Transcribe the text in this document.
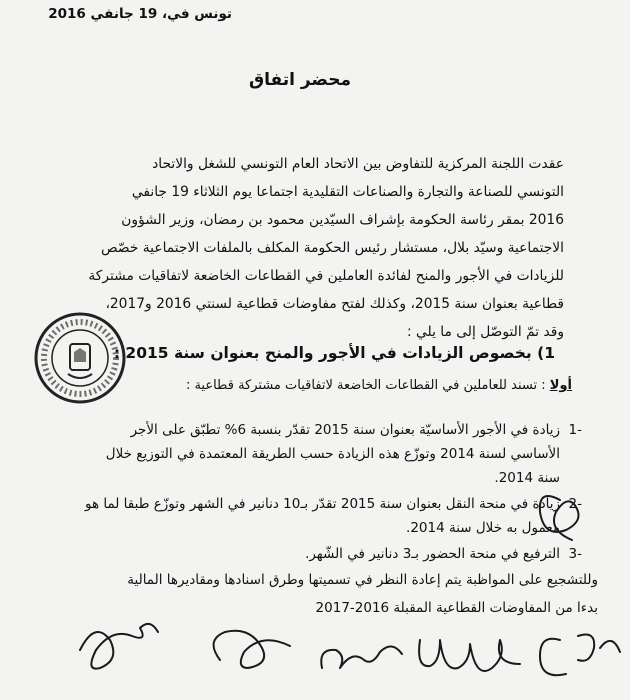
تونس في، 19 جانفي 2016
محضر اتفاق

عقدت اللجنة المركزية للتفاوض بين الاتحاد العام التونسي للشغل والاتحاد
التونسي للصناعة والتجارة والصناعات التقليدية اجتماعا يوم الثلاثاء 19 جانفي
2016 بمقر رئاسة الحكومة بإشراف السيّدين محمود بن رمضان، وزير الشؤون
الاجتماعية وسيّد بلال، مستشار رئيس الحكومة المكلف بالملفات الاجتماعية خصّص
للزيادات في الأجور والمنح لفائدة العاملين في القطاعات الخاضعة لاتفاقيات مشتركة
قطاعية بعنوان سنة 2015، وكذلك لفتح مفاوضات قطاعية لسنتي 2016 و2017،
وقد تمّ التوصّل إلى ما يلي :

1) بخصوص الزيادات في الأجور والمنح بعنوان سنة 2015 :
أولا : تسند للعاملين في القطاعات الخاضعة لاتفاقيات مشتركة قطاعية :
-1
زيادة في الأجور الأساسيّة بعنوان سنة 2015 تقدّر بنسبة 6% تطبّق على الأجر
الأساسي لسنة 2014 وتوزّع هذه الزيادة حسب الطريقة المعتمدة في التوزيع خلال
سنة 2014.
-2
زيادة في منحة النقل بعنوان سنة 2015 تقدّر بـ10 دنانير في الشهر وتوزّع طبقا لما هو
معمول به خلال سنة 2014.
-3
الترفيع في منحة الحضور بـ3 دنانير في الشّهر.
وللتشجيع على المواظبة يتم إعادة النظر في تسميتها وطرق اسنادها ومقاديرها المالية
بدءا من المفاوضات القطاعية المقبلة 2016-2017
